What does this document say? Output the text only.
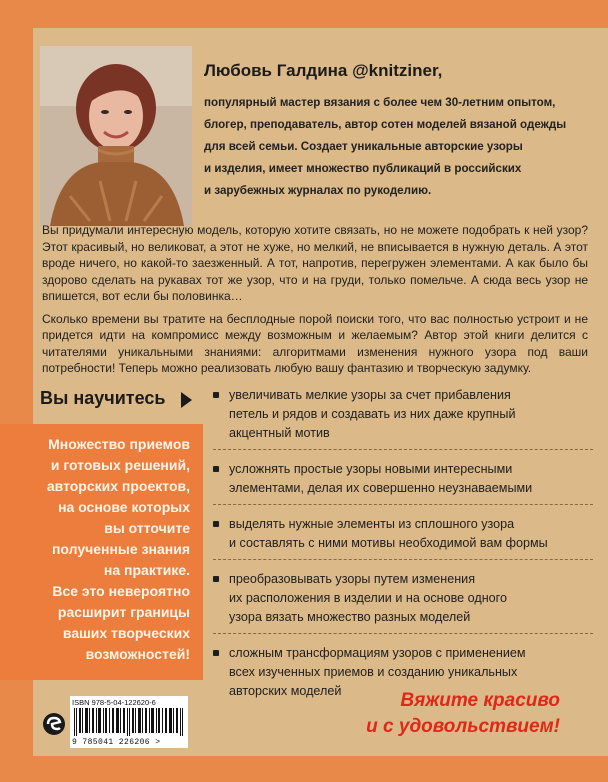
Любовь Галдина @knitziner,
популярный мастер вязания с более чем 30-летним опытом,
блогер, преподаватель, автор сотен моделей вязаной одежды
для всей семьи. Создает уникальные авторские узоры
и изделия, имеет множество публикаций в российских
и зарубежных журналах по рукоделию.

Вы придумали интересную модель, которую хотите связать, но не можете подобрать к ней узор? Этот красивый, но великоват, а этот не хуже, но мелкий, не вписывается в нужную деталь. А этот вроде ничего, но какой-то заезженный. А тот, напротив, перегружен элементами. А как было бы здорово сделать на рукавах тот же узор, что и на груди, только помельче. А сюда весь узор не впишется, вот если бы половинка…

Сколько времени вы тратите на бесплодные порой поиски того, что вас полностью устроит и не придется идти на компромисс между возможным и желаемым? Автор этой книги делится с читателями уникальными знаниями: алгоритмами изменения нужного узора под ваши потребности! Теперь можно реализовать любую вашу фантазию и творческую задумку.

Вы научитесь
Множество приемов
и готовых решений,
авторских проектов,
на основе которых
вы отточите
полученные знания
на практике.
Все это невероятно
расширит границы
ваших творческих
возможностей!
увеличивать мелкие узоры за счет прибавления
петель и рядов и создавать из них даже крупный
акцентный мотив
усложнять простые узоры новыми интересными
элементами, делая их совершенно неузнаваемыми
выделять нужные элементы из сплошного узора
и составлять с ними мотивы необходимой вам формы
преобразовывать узоры путем изменения
их расположения в изделии и на основе одного
узора вязать множество разных моделей
сложным трансформациям узоров с применением
всех изученных приемов и созданию уникальных
авторских моделей	Вяжите красиво
и с удовольствием!
ISBN 978-5-04-122620-6
9 785041 226206 >
